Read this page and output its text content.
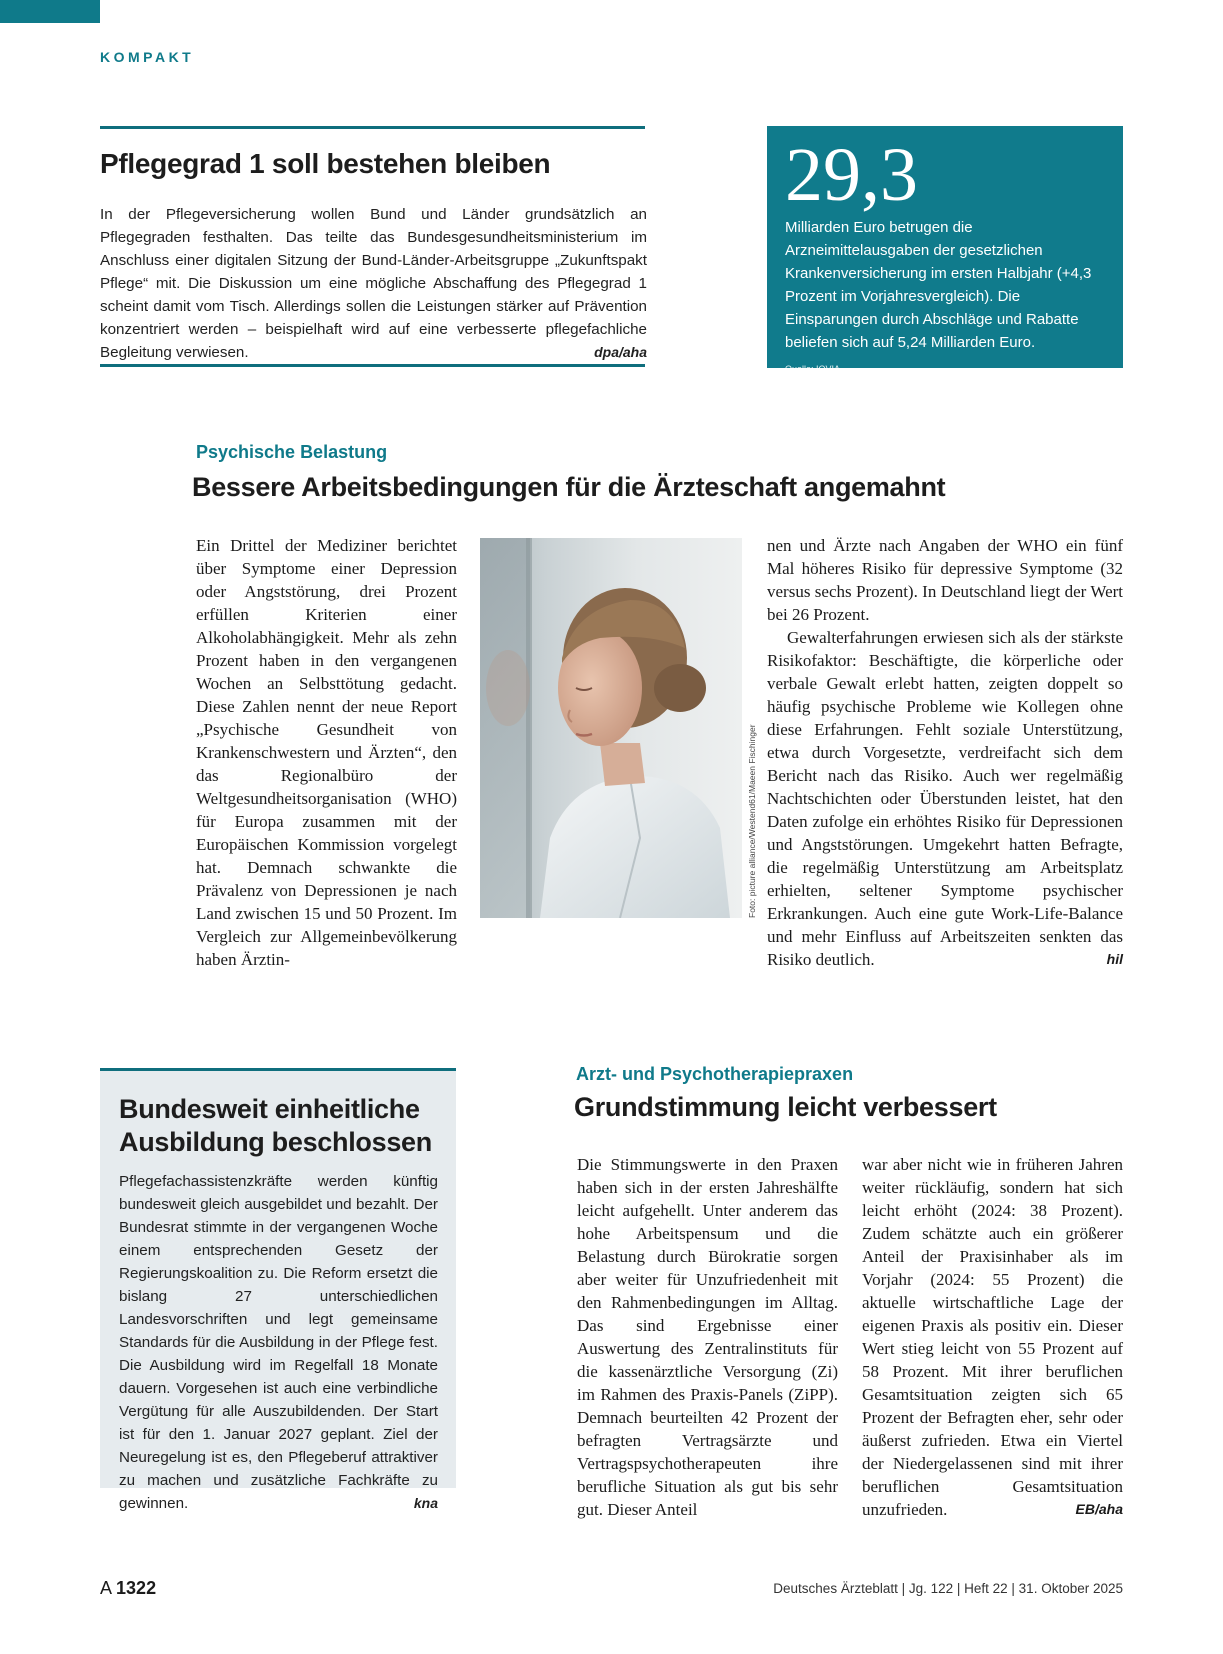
KOMPAKT
Pflegegrad 1 soll bestehen bleiben

In der Pflegeversicherung wollen Bund und Länder grundsätzlich an Pflegegraden festhalten. Das teilte das Bundesgesundheitsministerium im Anschluss einer digitalen Sitzung der Bund-Länder-Arbeitsgruppe „Zukunftspakt Pflege“ mit. Die Diskussion um eine mögliche Abschaffung des Pflegegrad 1 scheint damit vom Tisch. Allerdings sollen die Leistungen stärker auf Prävention konzentriert werden – beispielhaft wird auf eine verbesserte pflegefachliche Begleitung verwiesen.	dpa/aha

29,3
Milliarden Euro betrugen die Arzneimittelausgaben der gesetzlichen Krankenversicherung im ersten Halbjahr (+4,3 Prozent im Vorjahresvergleich). Die Einsparungen durch Abschläge und Rabatte beliefen sich auf 5,24 Milliarden Euro.
Quelle: IQVIA
Psychische Belastung
Bessere Arbeitsbedingungen für die Ärzteschaft angemahnt

Ein Drittel der Mediziner berichtet über Symptome einer Depression oder Angststörung, drei Prozent erfüllen Kriterien einer Alkoholabhängigkeit. Mehr als zehn Prozent haben in den vergangenen Wochen an Selbsttötung gedacht. Diese Zahlen nennt der neue Report „Psychische Gesundheit von Krankenschwestern und Ärzten“, den das Regionalbüro der Weltgesundheitsorganisation (WHO) für Europa zusammen mit der Europäischen Kommission vorgelegt hat. Demnach schwankte die Prävalenz von Depressionen je nach Land zwischen 15 und 50 Prozent. Im Vergleich zur Allgemeinbevölkerung haben Ärztin-

Foto: picture alliance/Westend61/Maeen Fischinger

nen und Ärzte nach Angaben der WHO ein fünf Mal höheres Risiko für depressive Symptome (32 versus sechs Prozent). In Deutschland liegt der Wert bei 26 Prozent.

Gewalterfahrungen erwiesen sich als der stärkste Risikofaktor: Beschäftigte, die körperliche oder verbale Gewalt erlebt hatten, zeigten doppelt so häufig psychische Probleme wie Kollegen ohne diese Erfahrungen. Fehlt soziale Unterstützung, etwa durch Vorgesetzte, verdreifacht sich dem Bericht nach das Risiko. Auch wer regelmäßig Nachtschichten oder Überstunden leistet, hat den Daten zufolge ein erhöhtes Risiko für Depressionen und Angststörungen. Umgekehrt hatten Befragte, die regelmäßig Unterstützung am Arbeitsplatz erhielten, seltener Symptome psychischer Erkrankungen. Auch eine gute Work-Life-Balance und mehr Einfluss auf Arbeitszeiten senkten das Risiko deutlich.	hil

Bundesweit einheitliche Ausbildung beschlossen

Pflegefachassistenzkräfte werden künftig bundesweit gleich ausgebildet und bezahlt. Der Bundesrat stimmte in der vergangenen Woche einem entsprechenden Gesetz der Regierungskoalition zu. Die Reform ersetzt die bislang 27 unterschiedlichen Landesvorschriften und legt gemeinsame Standards für die Ausbildung in der Pflege fest. Die Ausbildung wird im Regelfall 18 Monate dauern. Vorgesehen ist auch eine verbindliche Vergütung für alle Auszubildenden. Der Start ist für den 1. Januar 2027 geplant. Ziel der Neuregelung ist es, den Pflegeberuf attraktiver zu machen und zusätzliche Fachkräfte zu gewinnen.	kna

Arzt- und Psychotherapiepraxen
Grundstimmung leicht verbessert

Die Stimmungswerte in den Praxen haben sich in der ersten Jahreshälfte leicht aufgehellt. Unter anderem das hohe Arbeitspensum und die Belastung durch Bürokratie sorgen aber weiter für Unzufriedenheit mit den Rahmenbedingungen im Alltag. Das sind Ergebnisse einer Auswertung des Zentralinstituts für die kassenärztliche Versorgung (Zi) im Rahmen des Praxis-Panels (ZiPP). Demnach beurteilten 42 Prozent der befragten Vertragsärzte und Vertragspsychotherapeuten ihre berufliche Situation als gut bis sehr gut. Dieser Anteil

war aber nicht wie in früheren Jahren weiter rückläufig, sondern hat sich leicht erhöht (2024: 38 Prozent). Zudem schätzte auch ein größerer Anteil der Praxisinhaber als im Vorjahr (2024: 55 Prozent) die aktuelle wirtschaftliche Lage der eigenen Praxis als positiv ein. Dieser Wert stieg leicht von 55 Prozent auf 58 Prozent. Mit ihrer beruflichen Gesamtsituation zeigten sich 65 Prozent der Befragten eher, sehr oder äußerst zufrieden. Etwa ein Viertel der Niedergelassenen sind mit ihrer beruflichen Gesamtsituation unzufrieden.	EB/aha

A 1322	Deutsches Ärzteblatt | Jg. 122 | Heft 22 | 31. Oktober 2025
